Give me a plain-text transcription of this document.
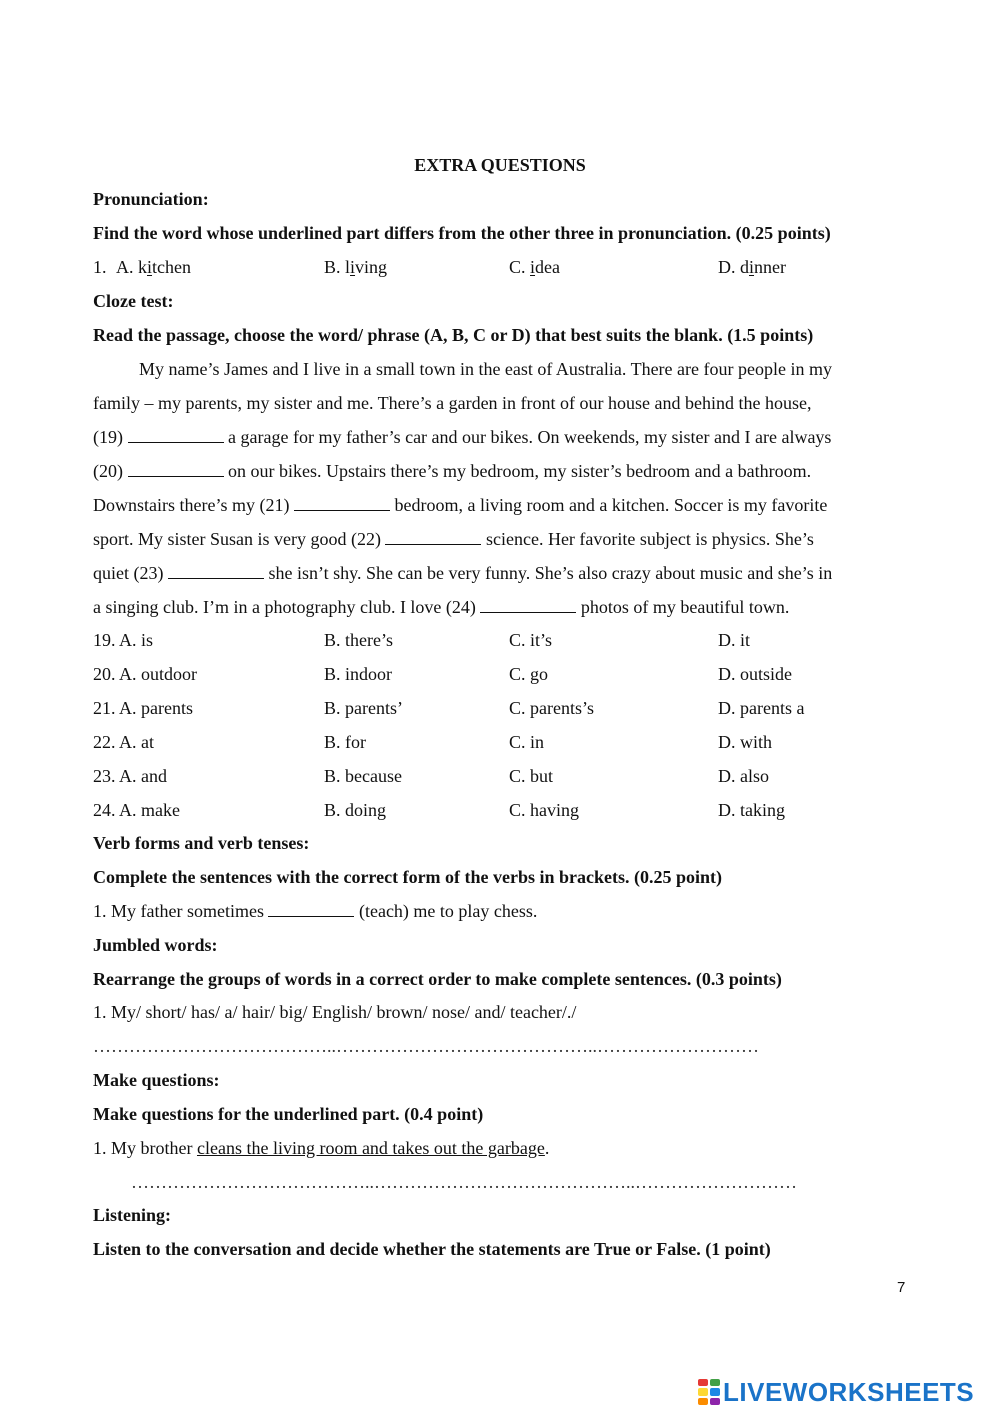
EXTRA QUESTIONS
Pronunciation:
Find the word whose underlined part differs from the other three in pronunciation. (0.25 points)
1. A. kitchen	B. living	C. idea	D. dinner
Cloze test:
Read the passage, choose the word/ phrase (A, B, C or D) that best suits the blank. (1.5 points)
My name’s James and I live in a small town in the east of Australia. There are four people in my
family – my parents, my sister and me. There’s a garden in front of our house and behind the house,
(19)	a garage for my father’s car and our bikes. On weekends, my sister and I are always
(20)	on our bikes. Upstairs there’s my bedroom, my sister’s bedroom and a bathroom.
Downstairs there’s my (21)	bedroom, a living room and a kitchen. Soccer is my favorite
sport. My sister Susan is very good (22)	science. Her favorite subject is physics. She’s
quiet (23)	she isn’t shy. She can be very funny. She’s also crazy about music and she’s in
a singing club. I’m in a photography club. I love (24)	photos of my beautiful town.
19. A. is	B. there’s	C. it’s	D. it
20. A. outdoor	B. indoor	C. go	D. outside
21. A. parents	B. parents’	C. parents’s	D. parents a
22. A. at	B. for	C. in	D. with
23. A. and	B. because	C. but	D. also
24. A. make	B. doing	C. having	D. taking
Verb forms and verb tenses:
Complete the sentences with the correct form of the verbs in brackets. (0.25 point)
1. My father sometimes	(teach) me to play chess.
Jumbled words:
Rearrange the groups of words in a correct order to make complete sentences. (0.3 points)
1. My/ short/ has/ a/ hair/ big/ English/ brown/ nose/ and/ teacher/./
…………………………………..……………………………………..………………………
Make questions:
Make questions for the underlined part. (0.4 point)
1. My brother cleans the living room and takes out the garbage.
…………………………………..……………………………………..………………………
Listening:
Listen to the conversation and decide whether the statements are True or False. (1 point)
7
LIVEWORKSHEETS
